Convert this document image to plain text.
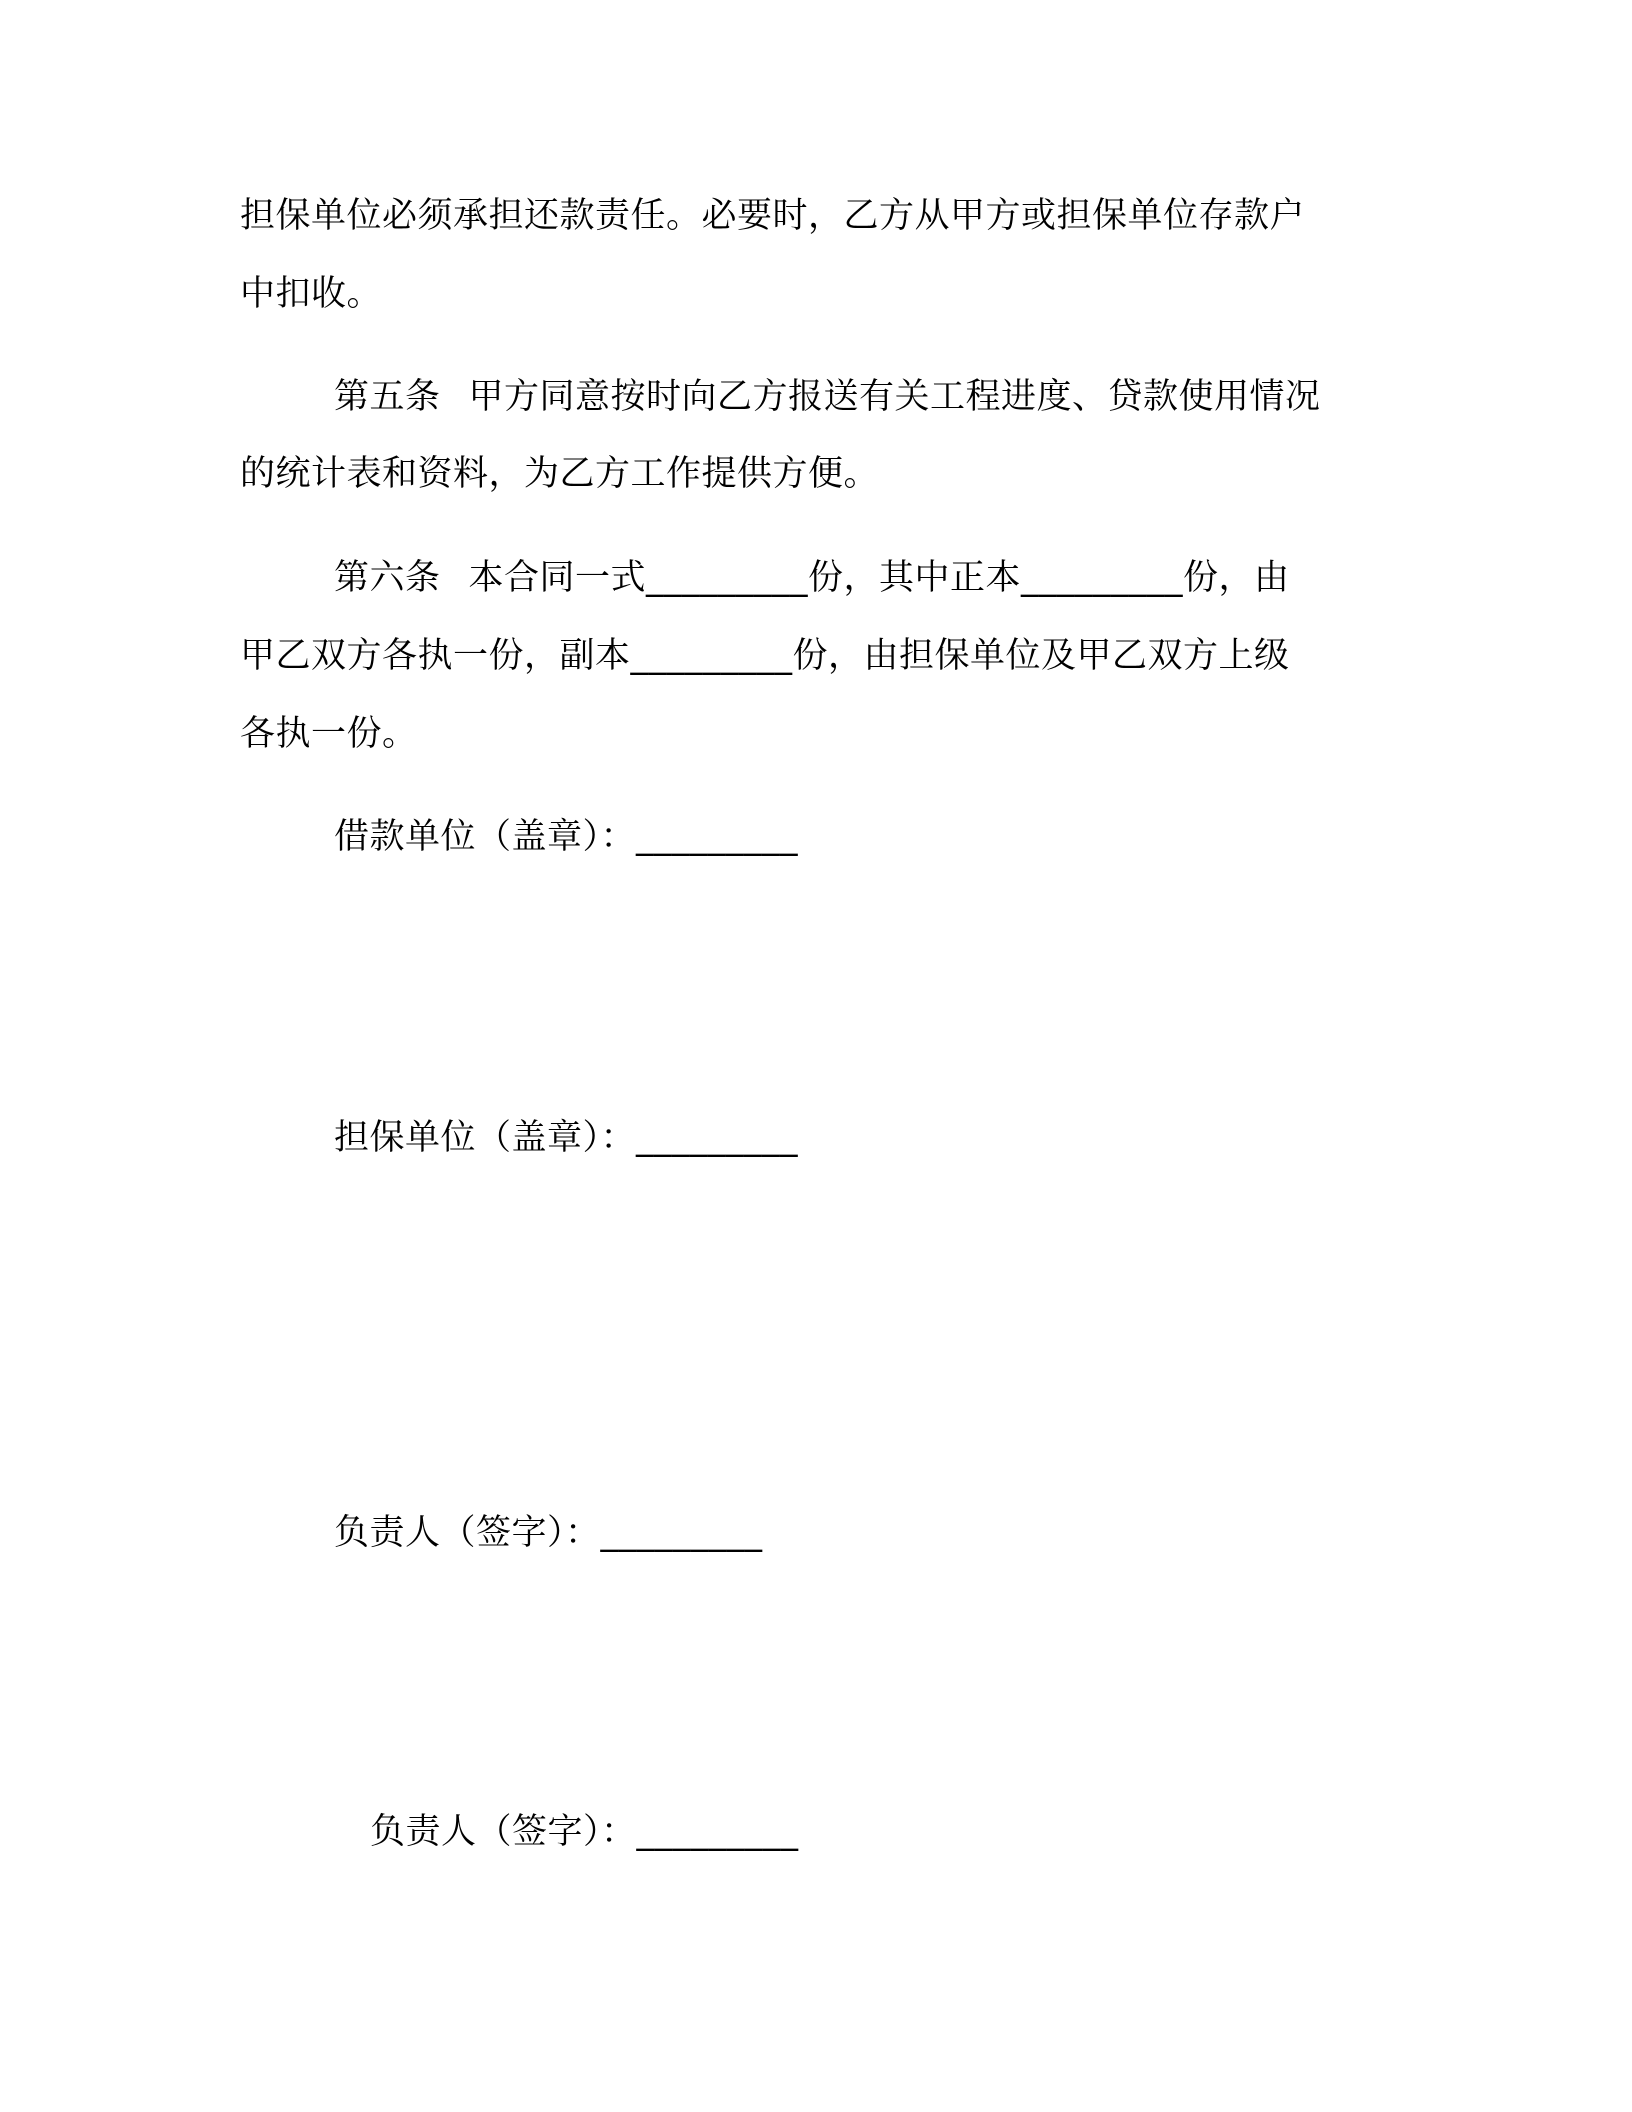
担保单位必须承担还款责任。必要时，乙方从甲方或担保单位存款户
中扣收。
第五条 甲方同意按时向乙方报送有关工程进度、贷款使用情况
的统计表和资料，为乙方工作提供方便。
第六条 本合同一式_________份，其中正本_________份，由
甲乙双方各执一份，副本_________份，由担保单位及甲乙双方上级
各执一份。
借款单位（盖章）：_________
担保单位（盖章）：_________
负责人（签字）：_________
负责人（签字）：_________
